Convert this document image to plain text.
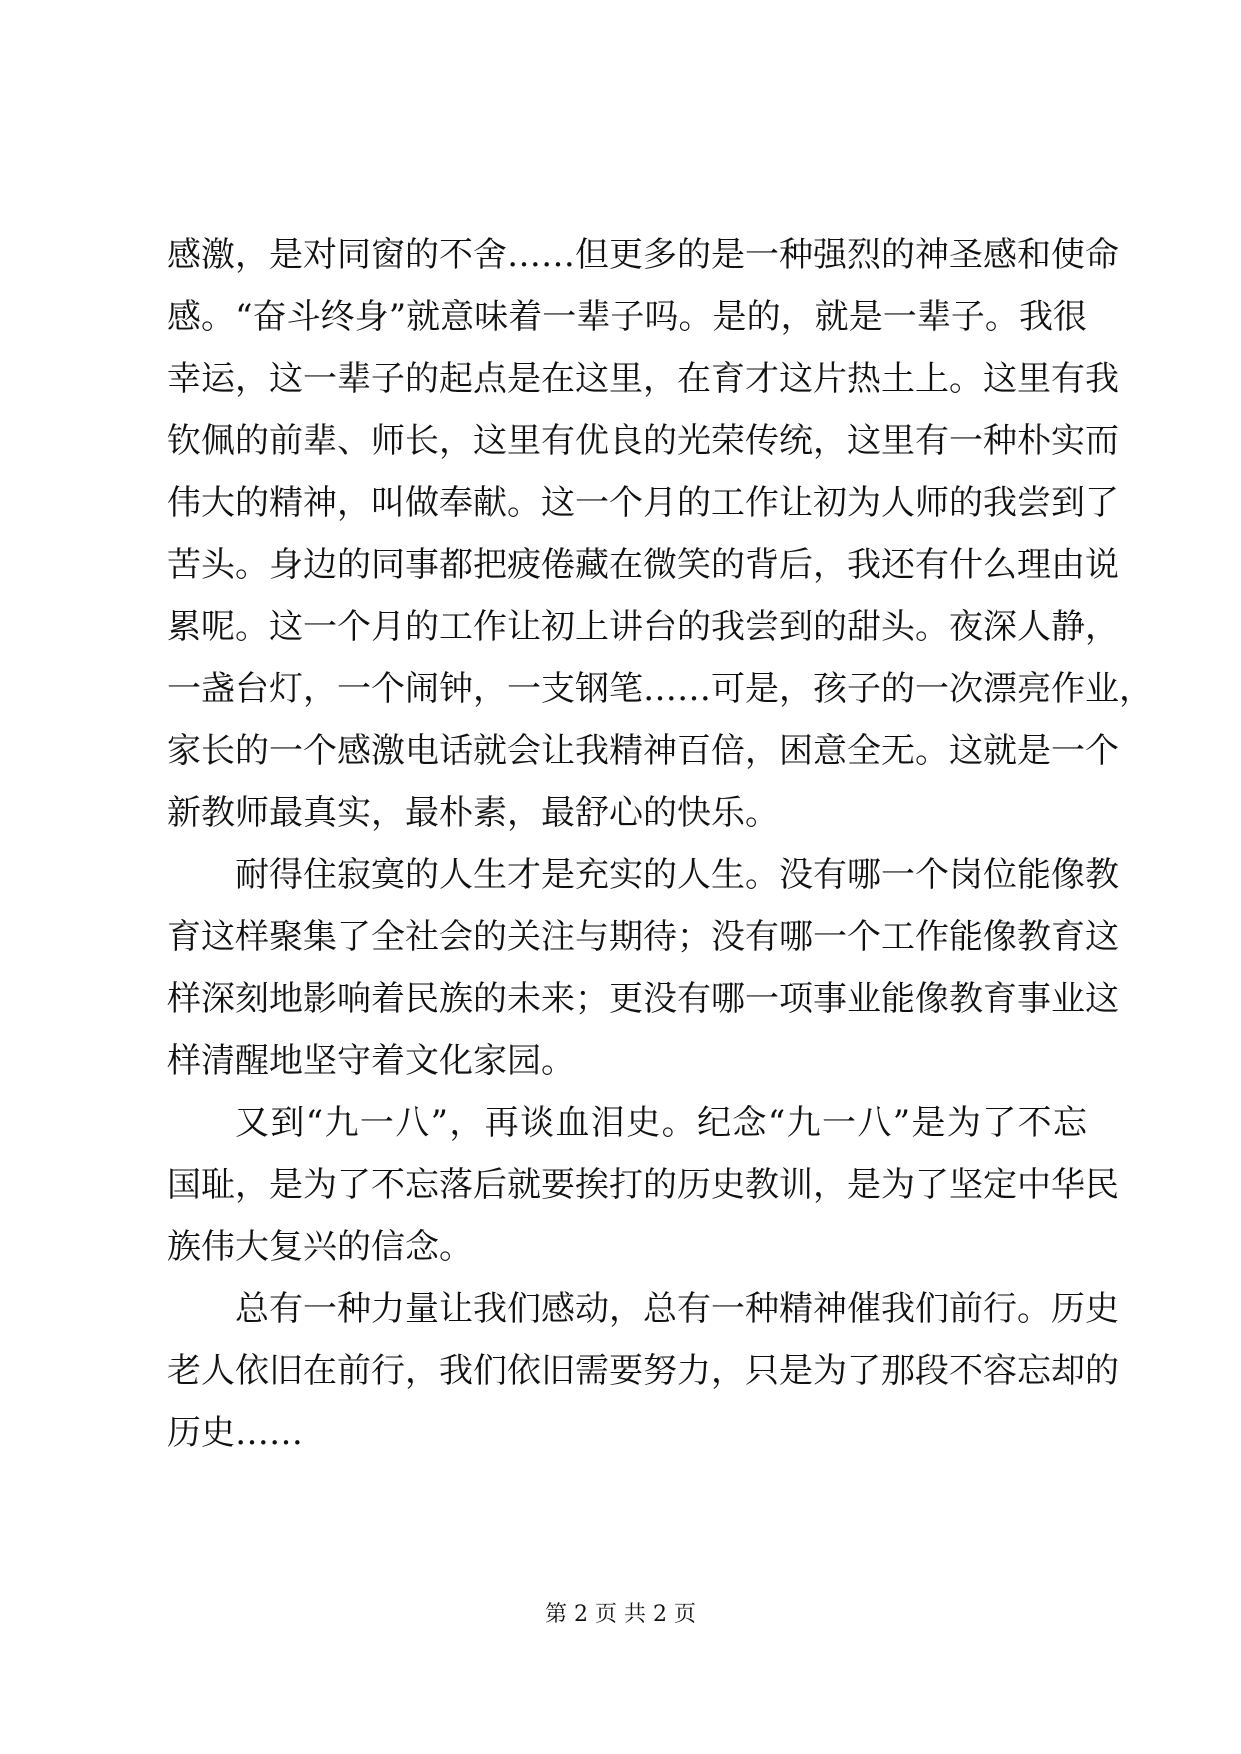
感激，是对同窗的不舍……但更多的是一种强烈的神圣感和使命
感。“奋斗终身”就意味着一辈子吗。是的，就是一辈子。我很
幸运，这一辈子的起点是在这里，在育才这片热土上。这里有我
钦佩的前辈、师长，这里有优良的光荣传统，这里有一种朴实而
伟大的精神，叫做奉献。这一个月的工作让初为人师的我尝到了
苦头。身边的同事都把疲倦藏在微笑的背后，我还有什么理由说
累呢。这一个月的工作让初上讲台的我尝到的甜头。夜深人静，
一盏台灯，一个闹钟，一支钢笔……可是，孩子的一次漂亮作业，
家长的一个感激电话就会让我精神百倍，困意全无。这就是一个
新教师最真实，最朴素，最舒心的快乐。
耐得住寂寞的人生才是充实的人生。没有哪一个岗位能像教
育这样聚集了全社会的关注与期待；没有哪一个工作能像教育这
样深刻地影响着民族的未来；更没有哪一项事业能像教育事业这
样清醒地坚守着文化家园。
又到“九一八”，再谈血泪史。纪念“九一八”是为了不忘
国耻，是为了不忘落后就要挨打的历史教训，是为了坚定中华民
族伟大复兴的信念。
总有一种力量让我们感动，总有一种精神催我们前行。历史
老人依旧在前行，我们依旧需要努力，只是为了那段不容忘却的
历史……
第 2 页 共 2 页
